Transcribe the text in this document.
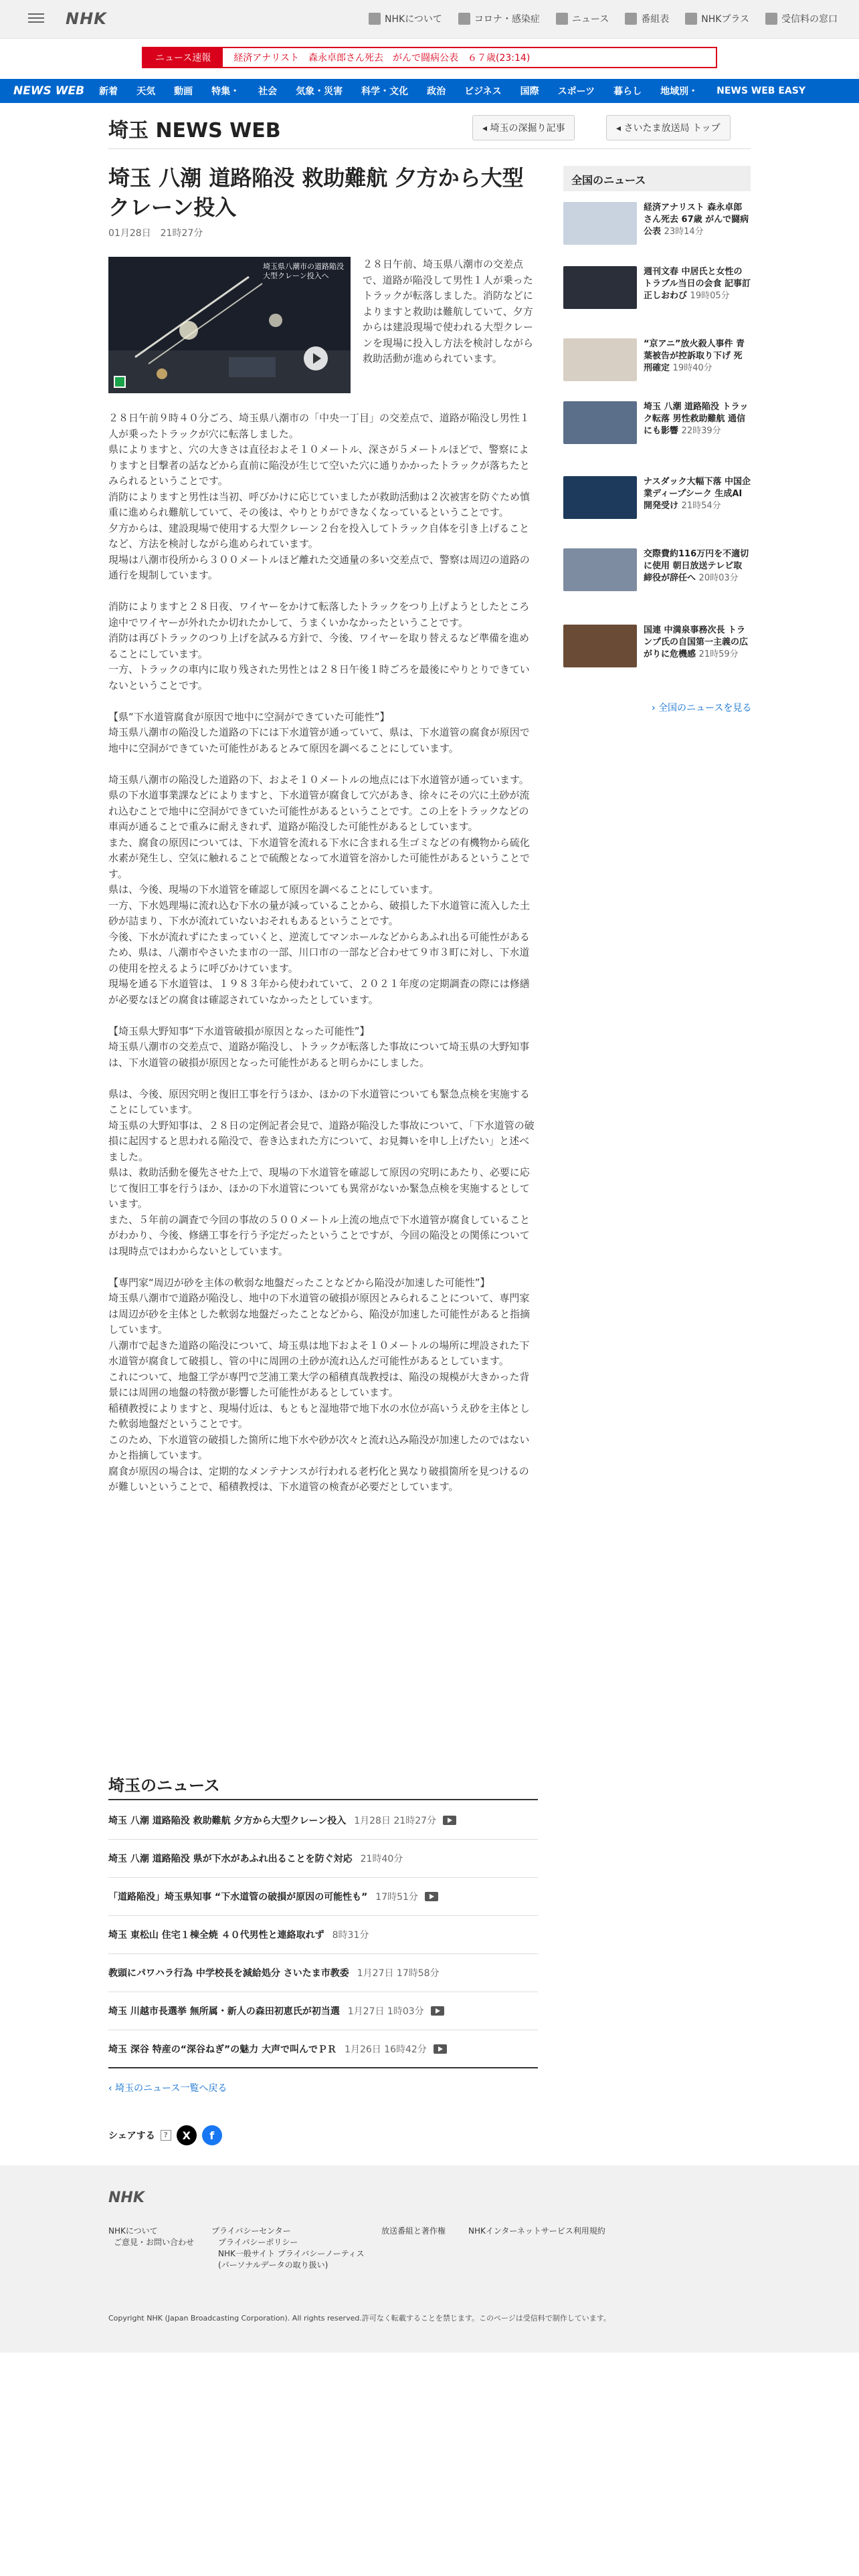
NHK	NHKについて	コロナ・感染症	ニュース	番組表	NHKプラス	受信料の窓口
ニュース速報	経済アナリスト　森永卓郎さん死去　がんで闘病公表　６７歳(23:14)
NEWS WEB 新着 天気 動画 特集・ 社会 気象・災害 科学・文化 政治 ビジネス 国際 スポーツ 暮らし 地域別・ NEWS WEB EASY
埼玉 NEWS WEB	◂ 埼玉の深掘り記事	◂ さいたま放送局 トップ
埼玉 八潮 道路陥没 救助難航 夕方から大型クレーン投入
01月28日　21時27分
埼玉県八潮市の道路陥没
大型クレーン投入へ

２８日午前、埼玉県八潮市の交差点で、道路が陥没して男性１人が乗ったトラックが転落しました。消防などによりますと救助は難航していて、夕方からは建設現場で使われる大型クレーンを現場に投入し方法を検討しながら救助活動が進められています。

２８日午前９時４０分ごろ、埼玉県八潮市の「中央一丁目」の交差点で、道路が陥没し男性１人が乗ったトラックが穴に転落しました。
県によりますと、穴の大きさは直径およそ１０メートル、深さが５メートルほどで、警察によりますと目撃者の話などから直前に陥没が生じて空いた穴に通りかかったトラックが落ちたとみられるということです。
消防によりますと男性は当初、呼びかけに応じていましたが救助活動は２次被害を防ぐため慎重に進められ難航していて、その後は、やりとりができなくなっているということです。
夕方からは、建設現場で使用する大型クレーン２台を投入してトラック自体を引き上げることなど、方法を検討しながら進められています。
現場は八潮市役所から３００メートルほど離れた交通量の多い交差点で、警察は周辺の道路の通行を規制しています。

消防によりますと２８日夜、ワイヤーをかけて転落したトラックをつり上げようとしたところ途中でワイヤーが外れたか切れたかして、うまくいかなかったということです。
消防は再びトラックのつり上げを試みる方針で、今後、ワイヤーを取り替えるなど準備を進めることにしています。
一方、トラックの車内に取り残された男性とは２８日午後１時ごろを最後にやりとりできていないということです。

【県“下水道管腐食が原因で地中に空洞ができていた可能性”】
埼玉県八潮市の陥没した道路の下には下水道管が通っていて、県は、下水道管の腐食が原因で地中に空洞ができていた可能性があるとみて原因を調べることにしています。

埼玉県八潮市の陥没した道路の下、およそ１０メートルの地点には下水道管が通っています。
県の下水道事業課などによりますと、下水道管が腐食して穴があき、徐々にその穴に土砂が流れ込むことで地中に空洞ができていた可能性があるということです。この上をトラックなどの車両が通ることで重みに耐えきれず、道路が陥没した可能性があるとしています。
また、腐食の原因については、下水道管を流れる下水に含まれる生ゴミなどの有機物から硫化水素が発生し、空気に触れることで硫酸となって水道管を溶かした可能性があるということです。
県は、今後、現場の下水道管を確認して原因を調べることにしています。
一方、下水処理場に流れ込む下水の量が減っていることから、破損した下水道管に流入した土砂が詰まり、下水が流れていないおそれもあるということです。
今後、下水が流れずにたまっていくと、逆流してマンホールなどからあふれ出る可能性があるため、県は、八潮市やさいたま市の一部、川口市の一部など合わせて９市３町に対し、下水道の使用を控えるように呼びかけています。
現場を通る下水道管は、１９８３年から使われていて、２０２１年度の定期調査の際には修繕が必要なほどの腐食は確認されていなかったとしています。

【埼玉県大野知事“下水道管破損が原因となった可能性”】
埼玉県八潮市の交差点で、道路が陥没し、トラックが転落した事故について埼玉県の大野知事は、下水道管の破損が原因となった可能性があると明らかにしました。

県は、今後、原因究明と復旧工事を行うほか、ほかの下水道管についても緊急点検を実施することにしています。
埼玉県の大野知事は、２８日の定例記者会見で、道路が陥没した事故について、「下水道管の破損に起因すると思われる陥没で、巻き込まれた方について、お見舞いを申し上げたい」と述べました。
県は、救助活動を優先させた上で、現場の下水道管を確認して原因の究明にあたり、必要に応じて復旧工事を行うほか、ほかの下水道管についても異常がないか緊急点検を実施するとしています。
また、５年前の調査で今回の事故の５００メートル上流の地点で下水道管が腐食していることがわかり、今後、修繕工事を行う予定だったということですが、今回の陥没との関係については現時点ではわからないとしています。

【専門家“周辺が砂を主体の軟弱な地盤だったことなどから陥没が加速した可能性”】
埼玉県八潮市で道路が陥没し、地中の下水道管の破損が原因とみられることについて、専門家は周辺が砂を主体とした軟弱な地盤だったことなどから、陥没が加速した可能性があると指摘しています。
八潮市で起きた道路の陥没について、埼玉県は地下およそ１０メートルの場所に埋設された下水道管が腐食して破損し、管の中に周囲の土砂が流れ込んだ可能性があるとしています。
これについて、地盤工学が専門で芝浦工業大学の稲積真哉教授は、陥没の規模が大きかった背景には周囲の地盤の特徴が影響した可能性があるとしています。
稲積教授によりますと、現場付近は、もともと湿地帯で地下水の水位が高いうえ砂を主体とした軟弱地盤だということです。
このため、下水道管の破損した箇所に地下水や砂が次々と流れ込み陥没が加速したのではないかと指摘しています。
腐食が原因の場合は、定期的なメンテナンスが行われる老朽化と異なり破損箇所を見つけるのが難しいということで、稲積教授は、下水道管の検査が必要だとしています。

全国のニュース
経済アナリスト 森永卓郎さん死去 67歳 がんで闘病公表 23時14分
週刊文春 中居氏と女性のトラブル当日の会食 記事訂正しおわび 19時05分
“京アニ”放火殺人事件 青葉被告が控訴取り下げ 死刑確定 19時40分
埼玉 八潮 道路陥没 トラック転落 男性救助難航 通信にも影響 22時39分
ナスダック大幅下落 中国企業ディープシーク 生成AI開発受け 21時54分
交際費約116万円を不適切に使用 朝日放送テレビ取締役が辞任へ 20時03分
国連 中満泉事務次長 トランプ氏の自国第一主義の広がりに危機感 21時59分
› 全国のニュースを見る
埼玉のニュース
埼玉 八潮 道路陥没 救助難航 夕方から大型クレーン投入 1月28日 21時27分
埼玉 八潮 道路陥没 県が下水があふれ出ることを防ぐ対応 21時40分
「道路陥没」埼玉県知事 “下水道管の破損が原因の可能性も” 17時51分
埼玉 東松山 住宅１棟全焼 ４０代男性と連絡取れず 8時31分
教頭にパワハラ行為 中学校長を減給処分 さいたま市教委 1月27日 17時58分
埼玉 川越市長選挙 無所属・新人の森田初恵氏が初当選 1月27日 1時03分
埼玉 深谷 特産の“深谷ねぎ”の魅力 大声で叫んでＰＲ 1月26日 16時42分
‹ 埼玉のニュース一覧へ戻る
シェアする	?	X	f
NHK
NHKについて
ご意見・お問い合わせ
プライバシーセンター
プライバシーポリシー
NHK一般サイト プライバシーノーティス
(パーソナルデータの取り扱い)
放送番組と著作権	NHKインターネットサービス利用規約
Copyright NHK (Japan Broadcasting Corporation). All rights reserved.許可なく転載することを禁じます。このページは受信料で制作しています。
